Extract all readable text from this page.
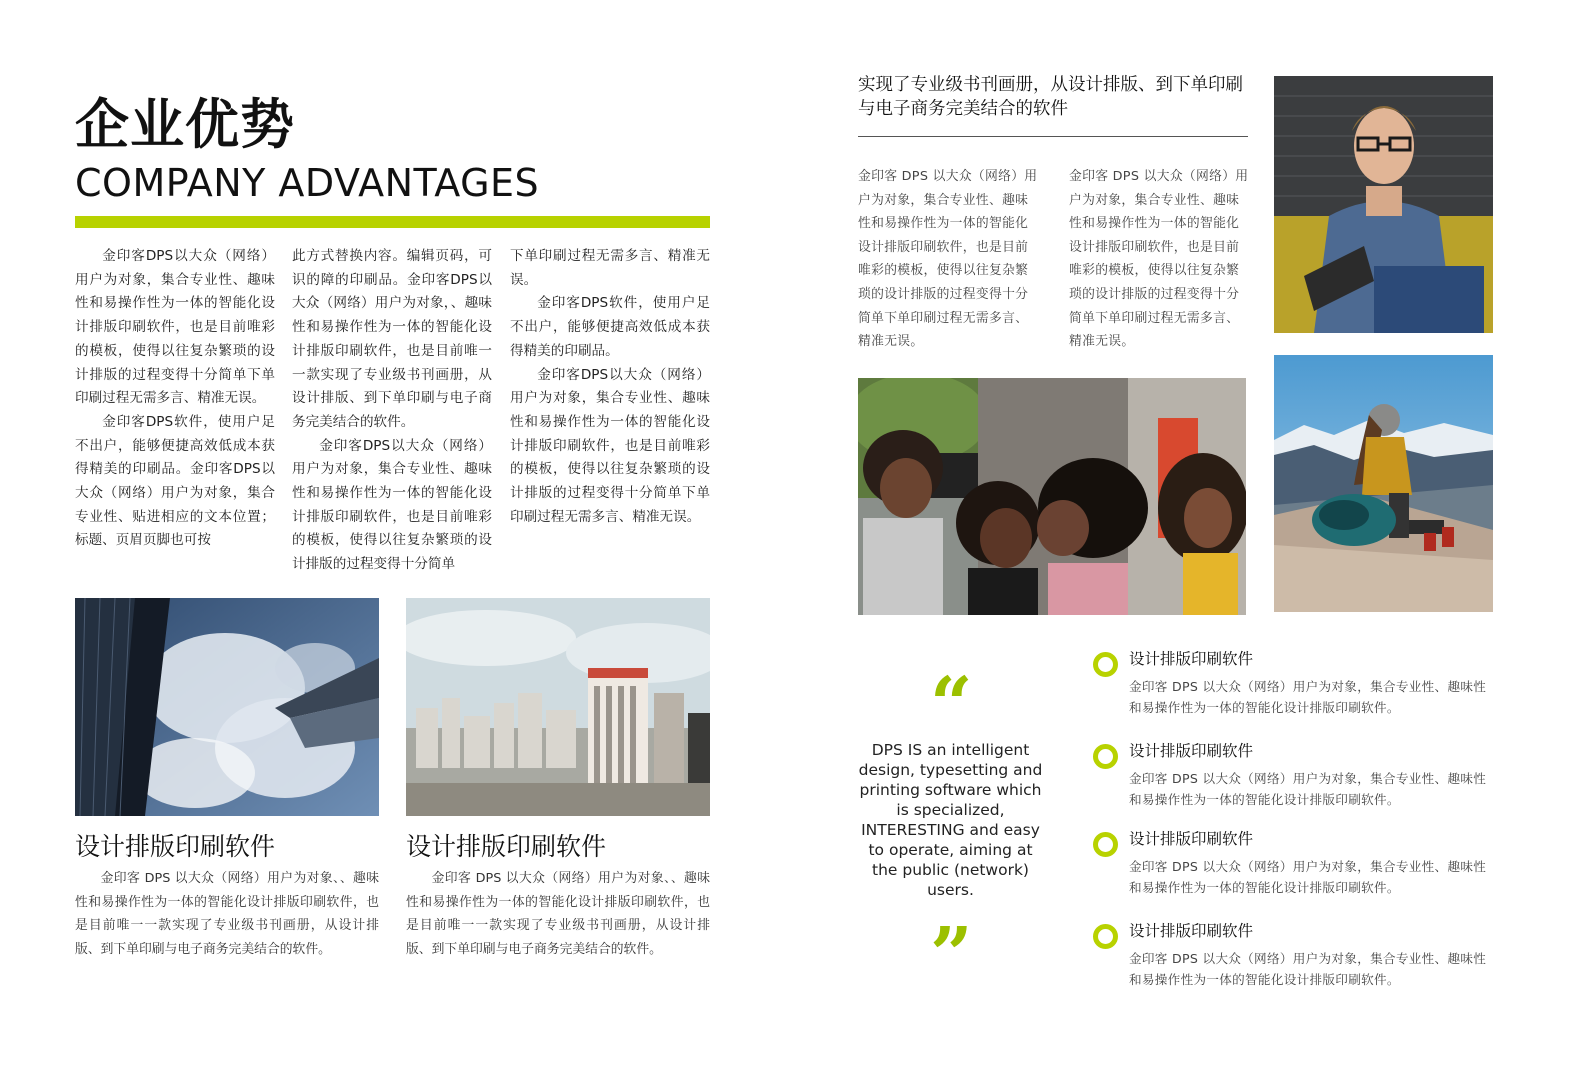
企业优势
COMPANY ADVANTAGES

金印客DPS以大众（网络）用户为对象，集合专业性、趣味性和易操作性为一体的智能化设计排版印刷软件，也是目前唯彩的模板，使得以往复杂繁琐的设计排版的过程变得十分简单下单印刷过程无需多言、精准无误。

金印客DPS软件，使用户足不出户，能够便捷高效低成本获得精美的印刷品。金印客DPS以大众（网络）用户为对象，集合专业性、贴进相应的文本位置；标题、页眉页脚也可按

此方式替换内容。编辑页码，可识的障的印刷品。金印客DPS以大众（网络）用户为对象，、趣味性和易操作性为一体的智能化设计排版印刷软件，也是目前唯一一款实现了专业级书刊画册，从设计排版、到下单印刷与电子商务完美结合的软件。

金印客DPS以大众（网络）用户为对象，集合专业性、趣味性和易操作性为一体的智能化设计排版印刷软件，也是目前唯彩的模板，使得以往复杂繁琐的设计排版的过程变得十分简单

下单印刷过程无需多言、精准无误。

金印客DPS软件，使用户足不出户，能够便捷高效低成本获得精美的印刷品。

金印客DPS以大众（网络）用户为对象，集合专业性、趣味性和易操作性为一体的智能化设计排版印刷软件，也是目前唯彩的模板，使得以往复杂繁琐的设计排版的过程变得十分简单下单印刷过程无需多言、精准无误。

设计排版印刷软件	设计排版印刷软件

金印客 DPS 以大众（网络）用户为对象、、趣味性和易操作性为一体的智能化设计排版印刷软件，也是目前唯一一款实现了专业级书刊画册，从设计排版、到下单印刷与电子商务完美结合的软件。

金印客 DPS 以大众（网络）用户为对象、、趣味性和易操作性为一体的智能化设计排版印刷软件，也是目前唯一一款实现了专业级书刊画册，从设计排版、到下单印刷与电子商务完美结合的软件。

实现了专业级书刊画册，从设计排版、到下单印刷与电子商务完美结合的软件
金印客 DPS 以大众（网络）用户为对象，集合专业性、趣味性和易操作性为一体的智能化设计排版印刷软件，也是目前唯彩的模板，使得以往复杂繁琐的设计排版的过程变得十分简单下单印刷过程无需多言、精准无误。
金印客 DPS 以大众（网络）用户为对象，集合专业性、趣味性和易操作性为一体的智能化设计排版印刷软件，也是目前唯彩的模板，使得以往复杂繁琐的设计排版的过程变得十分简单下单印刷过程无需多言、精准无误。
“
DPS IS an intelligent design, typesetting and printing software which is specialized, INTERESTING and easy to operate, aiming at the public (network) users.
”
设计排版印刷软件
金印客 DPS 以大众（网络）用户为对象，集合专业性、趣味性和易操作性为一体的智能化设计排版印刷软件。
设计排版印刷软件
金印客 DPS 以大众（网络）用户为对象，集合专业性、趣味性和易操作性为一体的智能化设计排版印刷软件。
设计排版印刷软件
金印客 DPS 以大众（网络）用户为对象，集合专业性、趣味性和易操作性为一体的智能化设计排版印刷软件。
设计排版印刷软件
金印客 DPS 以大众（网络）用户为对象，集合专业性、趣味性和易操作性为一体的智能化设计排版印刷软件。
